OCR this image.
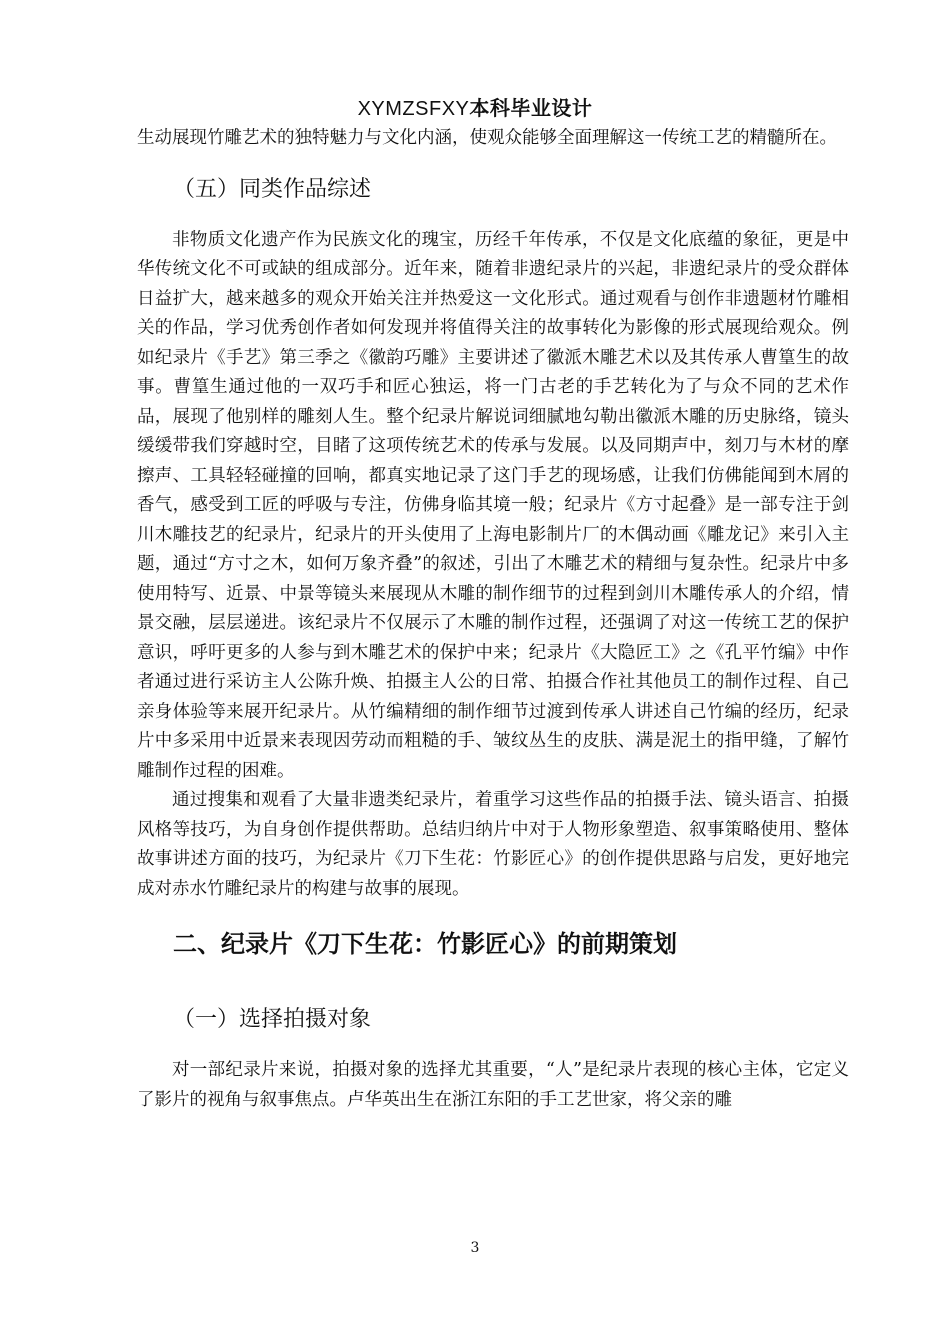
XYMZSFXY本科毕业设计

生动展现竹雕艺术的独特魅力与文化内涵，使观众能够全面理解这一传统工艺的精髓所在。

（五）同类作品综述

非物质文化遗产作为民族文化的瑰宝，历经千年传承，不仅是文化底蕴的象征，更是中华传统文化不可或缺的组成部分。近年来，随着非遗纪录片的兴起，非遗纪录片的受众群体日益扩大，越来越多的观众开始关注并热爱这一文化形式。通过观看与创作非遗题材竹雕相关的作品，学习优秀创作者如何发现并将值得关注的故事转化为影像的形式展现给观众。例如纪录片《手艺》第三季之《徽韵巧雕》主要讲述了徽派木雕艺术以及其传承人曹篁生的故事。曹篁生通过他的一双巧手和匠心独运，将一门古老的手艺转化为了与众不同的艺术作品，展现了他别样的雕刻人生。整个纪录片解说词细腻地勾勒出徽派木雕的历史脉络，镜头缓缓带我们穿越时空，目睹了这项传统艺术的传承与发展。以及同期声中，刻刀与木材的摩擦声、工具轻轻碰撞的回响，都真实地记录了这门手艺的现场感，让我们仿佛能闻到木屑的香气，感受到工匠的呼吸与专注，仿佛身临其境一般；纪录片《方寸起叠》是一部专注于剑川木雕技艺的纪录片，纪录片的开头使用了上海电影制片厂的木偶动画《雕龙记》来引入主题，通过“方寸之木，如何万象齐叠”的叙述，引出了木雕艺术的精细与复杂性。纪录片中多使用特写、近景、中景等镜头来展现从木雕的制作细节的过程到剑川木雕传承人的介绍，情景交融，层层递进。该纪录片不仅展示了木雕的制作过程，还强调了对这一传统工艺的保护意识，呼吁更多的人参与到木雕艺术的保护中来；纪录片《大隐匠工》之《孔平竹编》中作者通过进行采访主人公陈升焕、拍摄主人公的日常、拍摄合作社其他员工的制作过程、自己亲身体验等来展开纪录片。从竹编精细的制作细节过渡到传承人讲述自己竹编的经历，纪录片中多采用中近景来表现因劳动而粗糙的手、皱纹丛生的皮肤、满是泥土的指甲缝，了解竹雕制作过程的困难。

通过搜集和观看了大量非遗类纪录片，着重学习这些作品的拍摄手法、镜头语言、拍摄风格等技巧，为自身创作提供帮助。总结归纳片中对于人物形象塑造、叙事策略使用、整体故事讲述方面的技巧，为纪录片《刀下生花：竹影匠心》的创作提供思路与启发，更好地完成对赤水竹雕纪录片的构建与故事的展现。

二、纪录片《刀下生花：竹影匠心》的前期策划
（一）选择拍摄对象

对一部纪录片来说，拍摄对象的选择尤其重要，“人”是纪录片表现的核心主体，它定义了影片的视角与叙事焦点。卢华英出生在浙江东阳的手工艺世家，将父亲的雕

3
